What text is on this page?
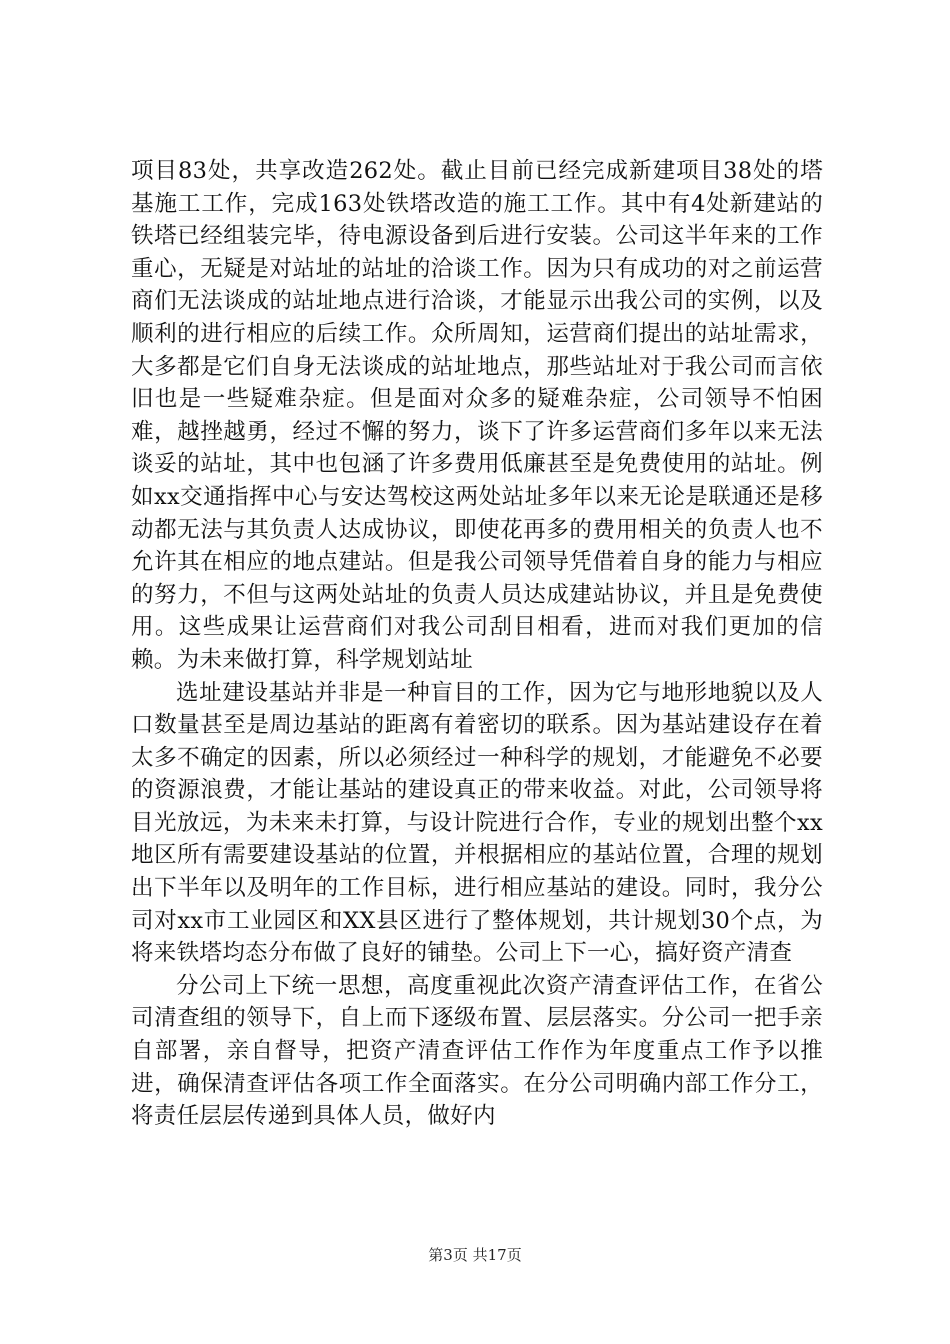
项目83处，共享改造262处。截止目前已经完成新建项目38处的塔基施工工作，完成163处铁塔改造的施工工作。其中有4处新建站的铁塔已经组装完毕，待电源设备到后进行安装。公司这半年来的工作重心，无疑是对站址的站址的洽谈工作。因为只有成功的对之前运营商们无法谈成的站址地点进行洽谈，才能显示出我公司的实例，以及顺利的进行相应的后续工作。众所周知，运营商们提出的站址需求，大多都是它们自身无法谈成的站址地点，那些站址对于我公司而言依旧也是一些疑难杂症。但是面对众多的疑难杂症，公司领导不怕困难，越挫越勇，经过不懈的努力，谈下了许多运营商们多年以来无法谈妥的站址，其中也包涵了许多费用低廉甚至是免费使用的站址。例如xx交通指挥中心与安达驾校这两处站址多年以来无论是联通还是移动都无法与其负责人达成协议，即使花再多的费用相关的负责人也不允许其在相应的地点建站。但是我公司领导凭借着自身的能力与相应的努力，不但与这两处站址的负责人员达成建站协议，并且是免费使用。这些成果让运营商们对我公司刮目相看，进而对我们更加的信赖。为未来做打算，科学规划站址

选址建设基站并非是一种盲目的工作，因为它与地形地貌以及人口数量甚至是周边基站的距离有着密切的联系。因为基站建设存在着太多不确定的因素，所以必须经过一种科学的规划，才能避免不必要的资源浪费，才能让基站的建设真正的带来收益。对此，公司领导将目光放远，为未来未打算，与设计院进行合作，专业的规划出整个xx地区所有需要建设基站的位置，并根据相应的基站位置，合理的规划出下半年以及明年的工作目标，进行相应基站的建设。同时，我分公司对xx市工业园区和XX县区进行了整体规划，共计规划30个点，为将来铁塔均态分布做了良好的铺垫。公司上下一心，搞好资产清查

分公司上下统一思想，高度重视此次资产清查评估工作，在省公司清查组的领导下，自上而下逐级布置、层层落实。分公司一把手亲自部署，亲自督导，把资产清查评估工作作为年度重点工作予以推进，确保清查评估各项工作全面落实。在分公司明确内部工作分工，将责任层层传递到具体人员，做好内

第3页 共17页
